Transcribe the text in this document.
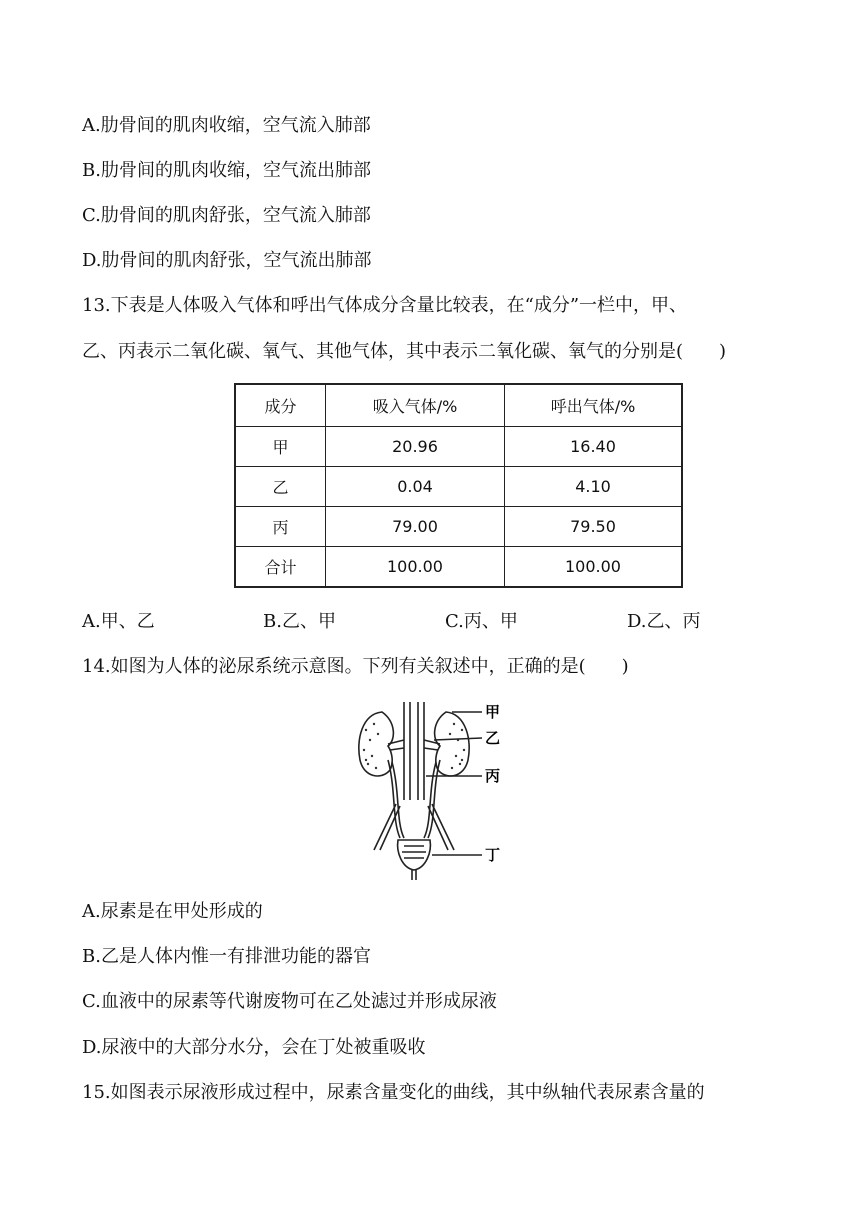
A.肋骨间的肌肉收缩，空气流入肺部
B.肋骨间的肌肉收缩，空气流出肺部
C.肋骨间的肌肉舒张，空气流入肺部
D.肋骨间的肌肉舒张，空气流出肺部
13.下表是人体吸入气体和呼出气体成分含量比较表，在“成分”一栏中，甲、
乙、丙表示二氧化碳、氧气、其他气体，其中表示二氧化碳、氧气的分别是(　　)
成分	吸入气体/%	呼出气体/%
甲	20.96	16.40
乙	0.04	4.10
丙	79.00	79.50
合计	100.00	100.00
A.甲、乙	B.乙、甲	C.丙、甲	D.乙、丙
14.如图为人体的泌尿系统示意图。下列有关叙述中，正确的是(　　)
甲
乙
丙
丁
A.尿素是在甲处形成的
B.乙是人体内惟一有排泄功能的器官
C.血液中的尿素等代谢废物可在乙处滤过并形成尿液
D.尿液中的大部分水分，会在丁处被重吸收
15.如图表示尿液形成过程中，尿素含量变化的曲线，其中纵轴代表尿素含量的
